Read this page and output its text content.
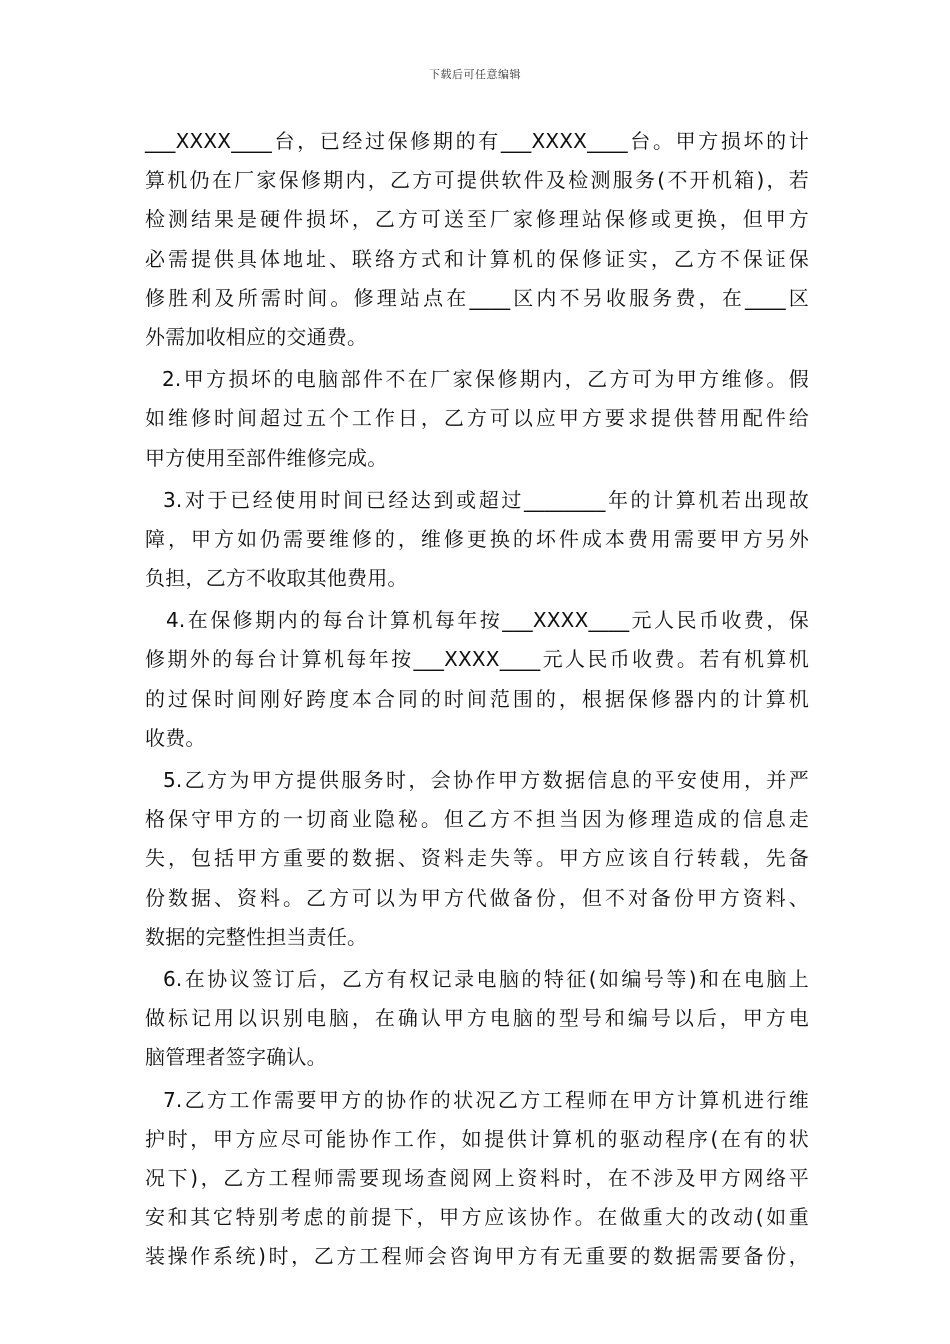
下载后可任意编辑
___XXXX____台，已经过保修期的有___XXXX____台。甲方损坏的计
算机仍在厂家保修期内，乙方可提供软件及检测服务(不开机箱)，若
检测结果是硬件损坏，乙方可送至厂家修理站保修或更换，但甲方
必需提供具体地址、联络方式和计算机的保修证实，乙方不保证保
修胜利及所需时间。修理站点在____区内不另收服务费，在____区
外需加收相应的交通费。
2.甲方损坏的电脑部件不在厂家保修期内，乙方可为甲方维修。假
如维修时间超过五个工作日，乙方可以应甲方要求提供替用配件给
甲方使用至部件维修完成。
3.对于已经使用时间已经达到或超过________年的计算机若出现故
障，甲方如仍需要维修的，维修更换的坏件成本费用需要甲方另外
负担，乙方不收取其他费用。
4.在保修期内的每台计算机每年按___XXXX____元人民币收费，保
修期外的每台计算机每年按___XXXX____元人民币收费。若有机算机
的过保时间刚好跨度本合同的时间范围的，根据保修器内的计算机
收费。
5.乙方为甲方提供服务时，会协作甲方数据信息的平安使用，并严
格保守甲方的一切商业隐秘。但乙方不担当因为修理造成的信息走
失，包括甲方重要的数据、资料走失等。甲方应该自行转载，先备
份数据、资料。乙方可以为甲方代做备份，但不对备份甲方资料、
数据的完整性担当责任。
6.在协议签订后，乙方有权记录电脑的特征(如编号等)和在电脑上
做标记用以识别电脑，在确认甲方电脑的型号和编号以后，甲方电
脑管理者签字确认。
7.乙方工作需要甲方的协作的状况乙方工程师在甲方计算机进行维
护时，甲方应尽可能协作工作，如提供计算机的驱动程序(在有的状
况下)，乙方工程师需要现场查阅网上资料时，在不涉及甲方网络平
安和其它特别考虑的前提下，甲方应该协作。在做重大的改动(如重
装操作系统)时，乙方工程师会咨询甲方有无重要的数据需要备份，
